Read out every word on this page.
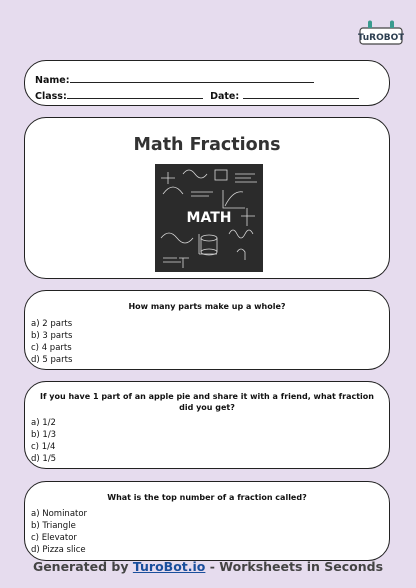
TuROBOT
Name:
Class:	Date:
Math Fractions
MATH
How many parts make up a whole?
a) 2 parts
b) 3 parts
c) 4 parts
d) 5 parts
If you have 1 part of an apple pie and share it with a friend, what fraction did you get?
a) 1/2
b) 1/3
c) 1/4
d) 1/5
What is the top number of a fraction called?
a) Nominator
b) Triangle
c) Elevator
d) Pizza slice
Generated by TuroBot.io - Worksheets in Seconds
